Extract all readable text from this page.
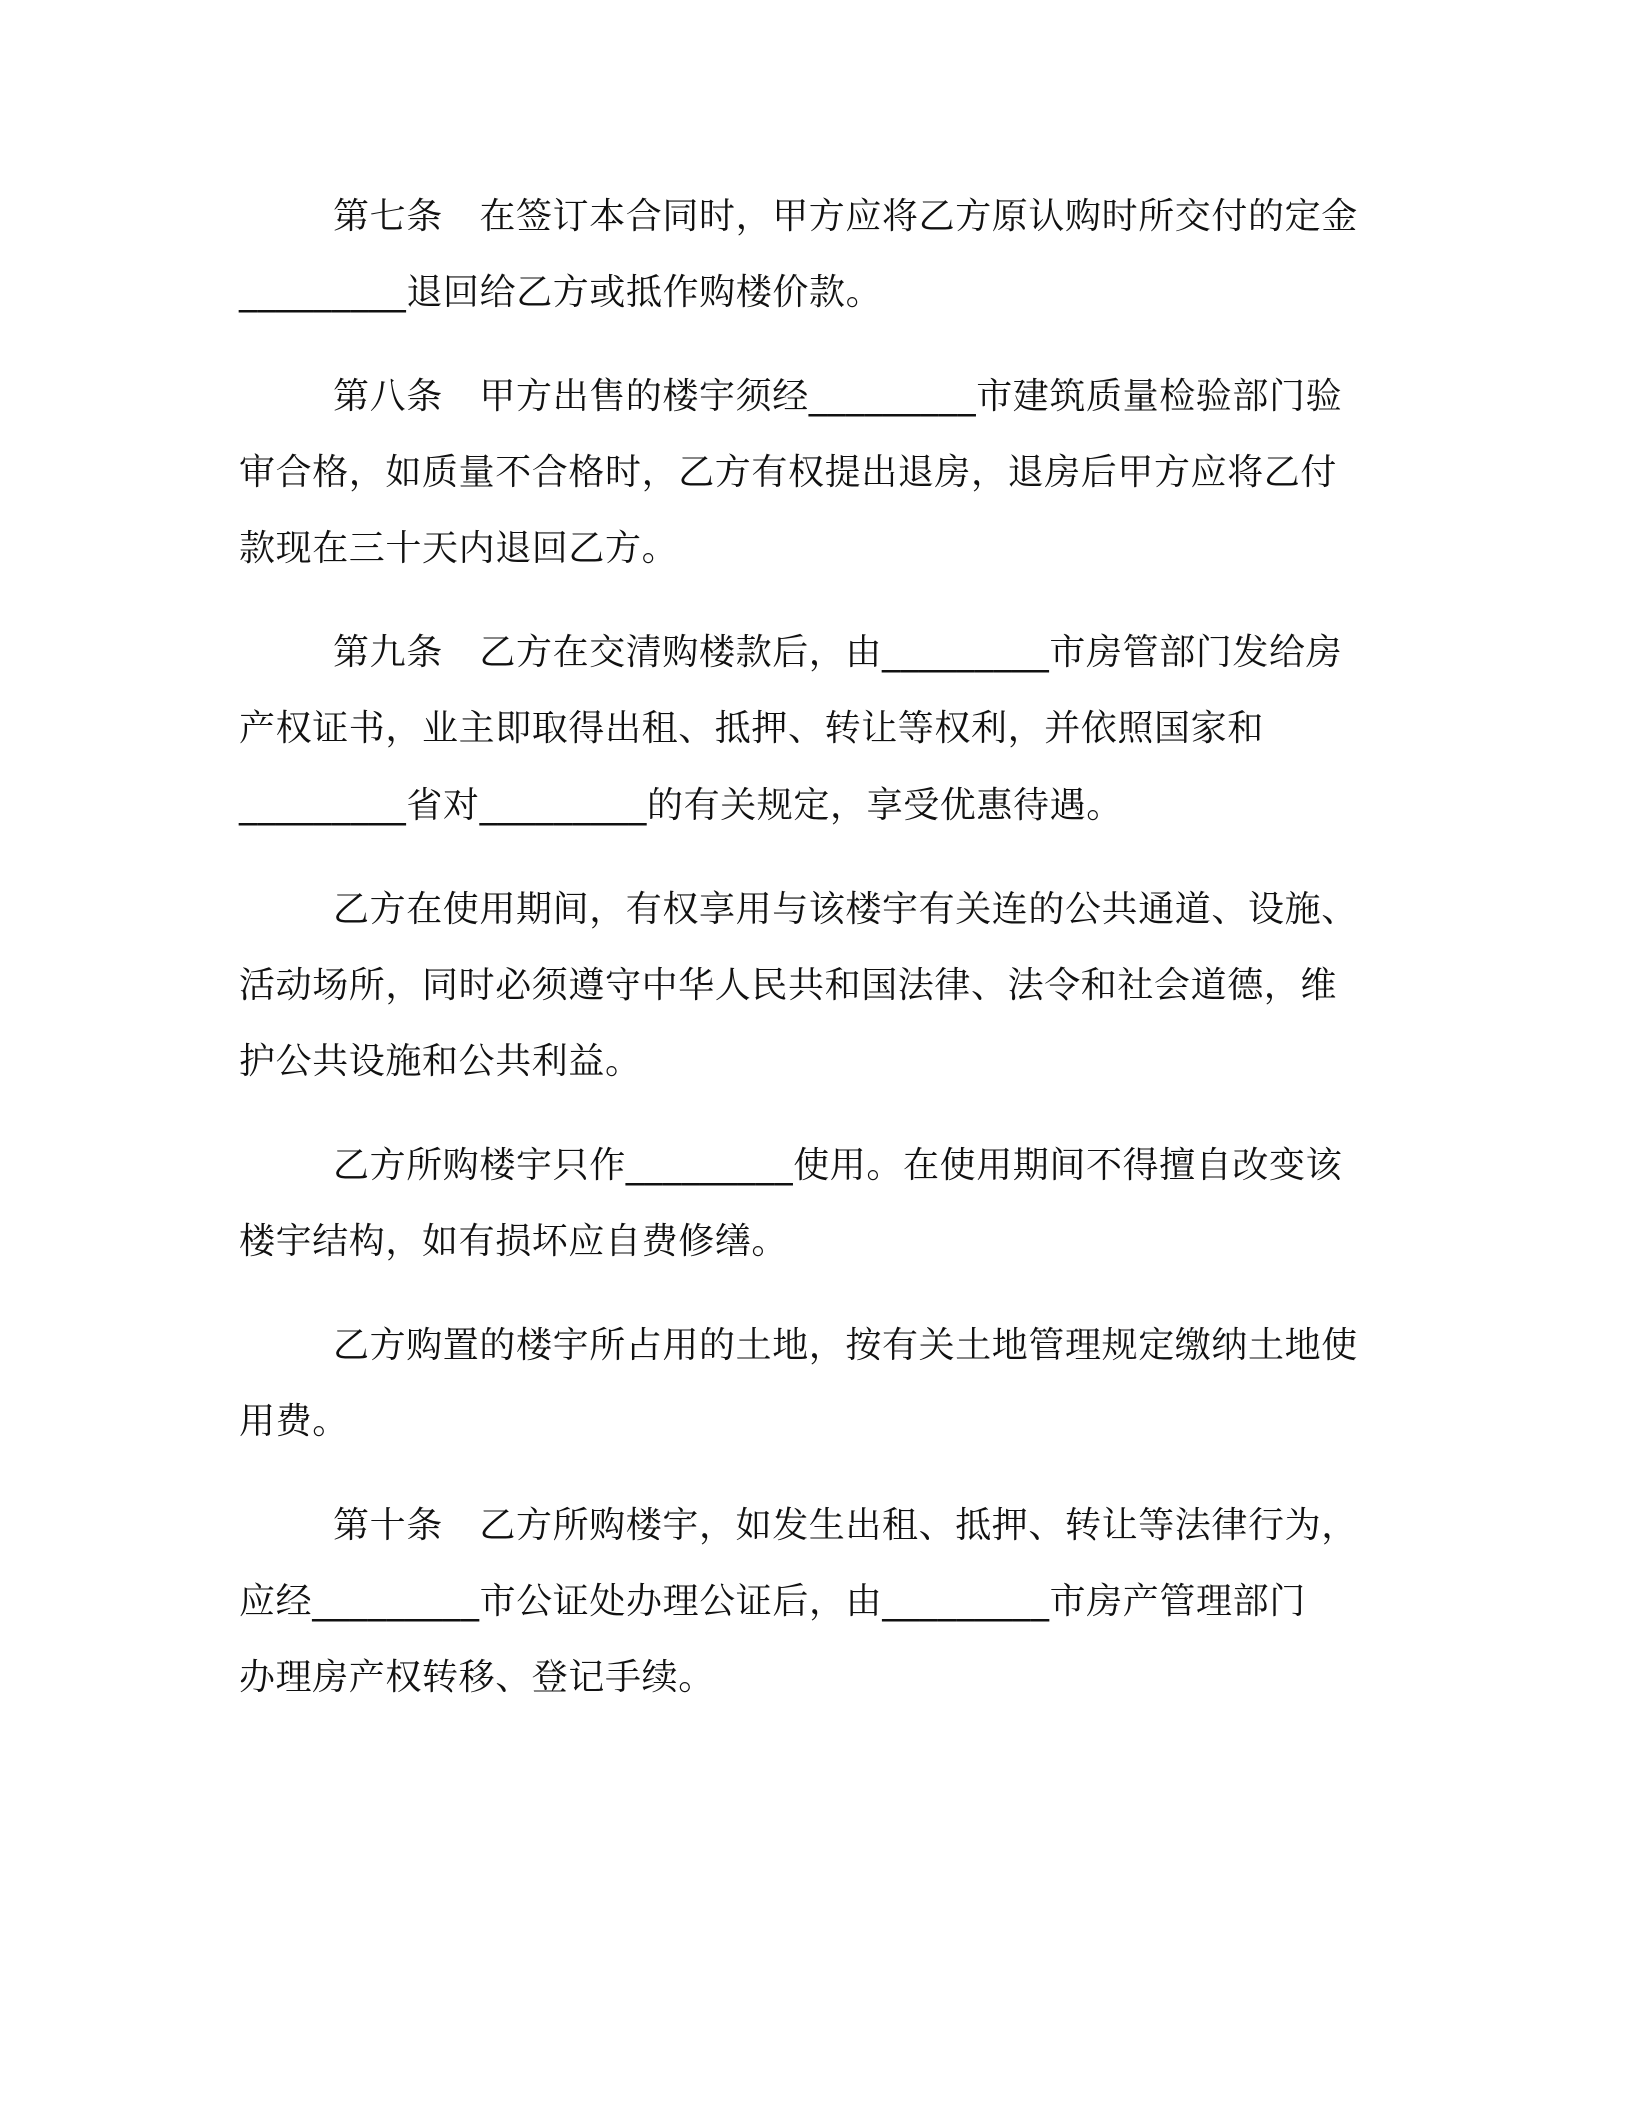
第七条　在签订本合同时，甲方应将乙方原认购时所交付的定金
_________退回给乙方或抵作购楼价款。
第八条　甲方出售的楼宇须经_________市建筑质量检验部门验
审合格，如质量不合格时，乙方有权提出退房，退房后甲方应将乙付
款现在三十天内退回乙方。
第九条　乙方在交清购楼款后，由_________市房管部门发给房
产权证书，业主即取得出租、抵押、转让等权利，并依照国家和
_________省对_________的有关规定，享受优惠待遇。
乙方在使用期间，有权享用与该楼宇有关连的公共通道、设施、
活动场所，同时必须遵守中华人民共和国法律、法令和社会道德，维
护公共设施和公共利益。
乙方所购楼宇只作_________使用。在使用期间不得擅自改变该
楼宇结构，如有损坏应自费修缮。
乙方购置的楼宇所占用的土地，按有关土地管理规定缴纳土地使
用费。
第十条　乙方所购楼宇，如发生出租、抵押、转让等法律行为，
应经_________市公证处办理公证后，由_________市房产管理部门
办理房产权转移、登记手续。
